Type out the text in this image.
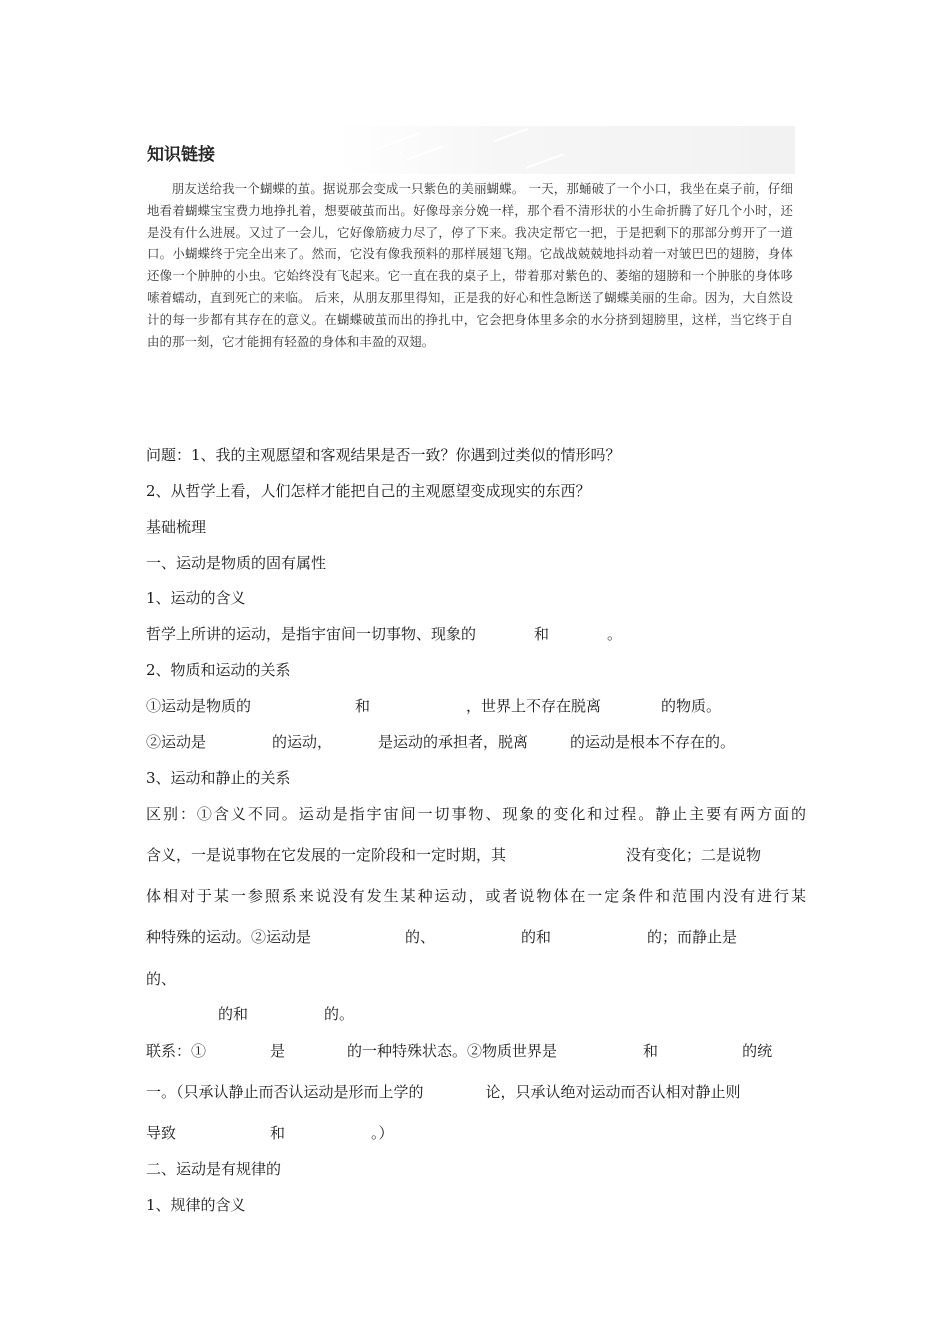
知识链接
朋友送给我一个蝴蝶的茧。据说那会变成一只紫色的美丽蝴蝶。 一天，那蛹破了一个小口，我坐在桌子前，仔细地看着蝴蝶宝宝费力地挣扎着，想要破茧而出。好像母亲分娩一样，那个看不清形状的小生命折腾了好几个小时，还是没有什么进展。又过了一会儿，它好像筋疲力尽了，停了下来。我决定帮它一把，于是把剩下的那部分剪开了一道口。小蝴蝶终于完全出来了。然而，它没有像我预料的那样展翅飞翔。它战战兢兢地抖动着一对皱巴巴的翅膀，身体还像一个肿肿的小虫。它始终没有飞起来。它一直在我的桌子上，带着那对紫色的、萎缩的翅膀和一个肿胀的身体哆嗦着蠕动，直到死亡的来临。 后来，从朋友那里得知，正是我的好心和性急断送了蝴蝶美丽的生命。因为，大自然设计的每一步都有其存在的意义。在蝴蝶破茧而出的挣扎中，它会把身体里多余的水分挤到翅膀里，这样，当它终于自由的那一刻，它才能拥有轻盈的身体和丰盈的双翅。
问题：1、我的主观愿望和客观结果是否一致？你遇到过类似的情形吗？
2、从哲学上看，人们怎样才能把自己的主观愿望变成现实的东西？
基础梳理
一、运动是物质的固有属性
1、运动的含义
哲学上所讲的运动，是指宇宙间一切事物、现象的	和	。
2、物质和运动的关系
①运动是物质的	和	，世界上不存在脱离	的物质。
②运动是	的运动，	是运动的承担者，脱离	的运动是根本不存在的。
3、运动和静止的关系
区别：①含义不同。运动是指宇宙间一切事物、现象的变化和过程。静止主要有两方面的
含义，一是说事物在它发展的一定阶段和一定时期，其	没有变化；二是说物
体相对于某一参照系来说没有发生某种运动，或者说物体在一定条件和范围内没有进行某
种特殊的运动。②运动是	的、	的和	的；而静止是
的、
的和	的。
联系：①	是	的一种特殊状态。②物质世界是	和	的统
一。（只承认静止而否认运动是形而上学的	论，只承认绝对运动而否认相对静止则
导致	和	。）
二、运动是有规律的
1、规律的含义
